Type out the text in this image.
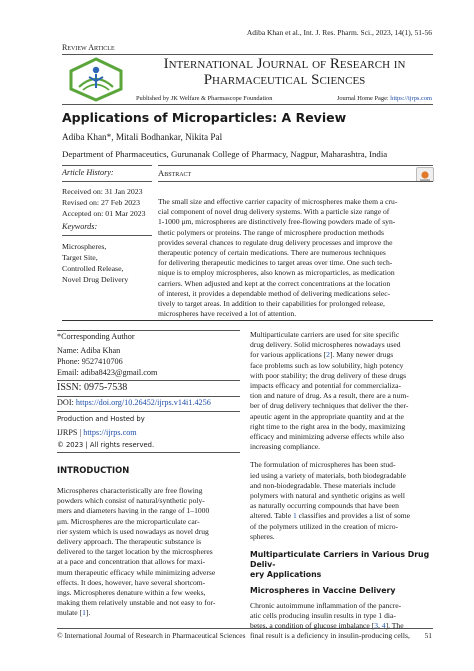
Adiba Khan et al., Int. J. Res. Pharm. Sci., 2023, 14(1), 51-56
Review Article
International Journal of Research in
Pharmaceutical Sciences
Published by JK Welfare & Pharmascope Foundation	Journal Home Page: https://ijrps.com
Applications of Microparticles: A Review
Adiba Khan*, Mitali Bodhankar, Nikita Pal
Department of Pharmaceutics, Gurunanak College of Pharmacy, Nagpur, Maharashtra, India
Article History:
Received on: 31 Jan 2023
Revised on: 27 Feb 2023
Accepted on: 01 Mar 2023
Keywords:
Microspheres,
Target Site,
Controlled Release,
Novel Drug Delivery
Abstract
Check for updates

The small size and effective carrier capacity of microspheres make them a cru-

cial component of novel drug delivery systems. With a particle size range of

1-1000 μm, microspheres are distinctively free-flowing powders made of syn-

thetic polymers or proteins. The range of microsphere production methods

provides several chances to regulate drug delivery processes and improve the

therapeutic potency of certain medications. There are numerous techniques

for delivering therapeutic medicines to target areas over time. One such tech-

nique is to employ microspheres, also known as microparticles, as medication

carriers. When adjusted and kept at the correct concentrations at the location

of interest, it provides a dependable method of delivering medications selec-

tively to target areas. In addition to their capabilities for prolonged release,

microspheres have received a lot of attention.

*Corresponding Author
Name: Adiba Khan
Phone: 9527410706
Email: adiba8423@gmail.com
ISSN: 0975-7538
DOI: https://doi.org/10.26452/ijrps.v14i1.4256
Production and Hosted by
IJRPS | https://ijrps.com
© 2023 | All rights reserved.
INTRODUCTION

Microspheres characteristically are free flowing

powders which consist of natural/synthetic poly-

mers and diameters having in the range of 1–1000

μm. Microspheres are the microparticulate car-

rier system which is used nowadays as novel drug

delivery approach. The therapeutic substance is

delivered to the target location by the microspheres

at a pace and concentration that allows for maxi-

mum therapeutic efficacy while minimizing adverse

effects. It does, however, have several shortcom-

ings. Microspheres denature within a few weeks,

making them relatively unstable and not easy to for-

mulate [1].

Multiparticulate carriers are used for site specific

drug delivery. Solid microspheres nowadays used

for various applications [2]. Many newer drugs

face problems such as low solubility, high potency

with poor stability; the drug delivery of these drugs

impacts efficacy and potential for commercializa-

tion and nature of drug. As a result, there are a num-

ber of drug delivery techniques that deliver the ther-

apeutic agent in the appropriate quantity and at the

right time to the right area in the body, maximizing

efficacy and minimizing adverse effects while also

increasing compliance.

The formulation of microspheres has been stud-

ied using a variety of materials, both biodegradable

and non-biodegradable. These materials include

polymers with natural and synthetic origins as well

as naturally occurring compounds that have been

altered. Table 1 classifies and provides a list of some

of the polymers utilized in the creation of micro-

spheres.

Multiparticulate Carriers in Various Drug Deliv-

ery Applications

Microspheres in Vaccine Delivery

Chronic autoimmune inflammation of the pancre-

atic cells producing insulin results in type 1 dia-

betes, a condition of glucose imbalance [3, 4]. The

final result is a deficiency in insulin-producing cells,

© International Journal of Research in Pharmaceutical Sciences	51
